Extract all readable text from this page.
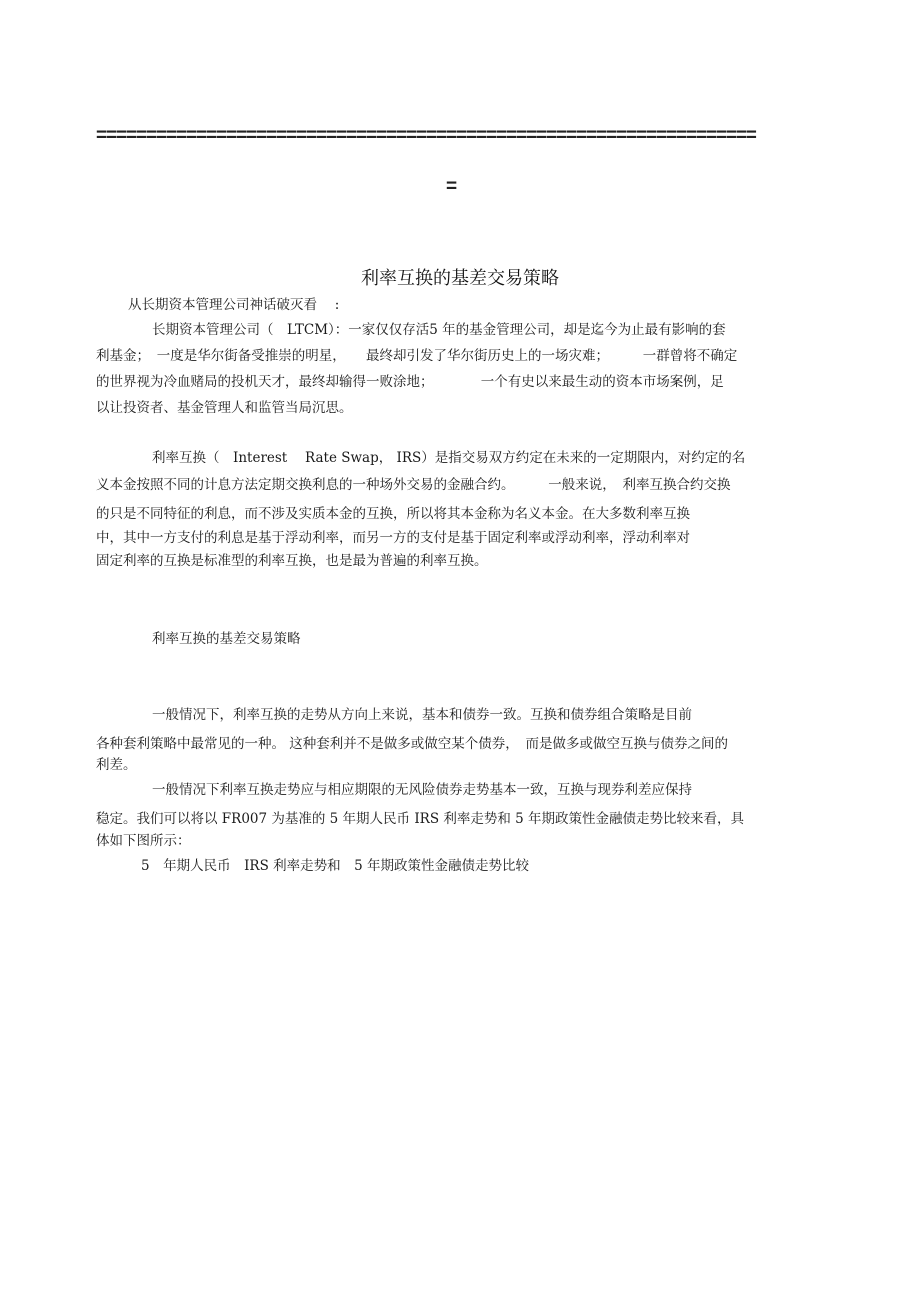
==================================================================
=
利率互换的基差交易策略
从长期资本管理公司神话破灭看　 :
长期资本管理公司（　LTCM）：一家仅仅存活5 年的基金管理公司，却是迄今为止最有影响的套
利基金；　一度是华尔街备受推崇的明星，　　最终却引发了华尔街历史上的一场灾难；　　　一群曾将不确定
的世界视为冷血赌局的投机天才，最终却输得一败涂地；　　　　一个有史以来最生动的资本市场案例，足
以让投资者、基金管理人和监管当局沉思。
利率互换（　Interest　 Rate Swap， IRS）是指交易双方约定在未来的一定期限内，对约定的名
义本金按照不同的计息方法定期交换利息的一种场外交易的金融合约。　　　一般来说，　利率互换合约交换
的只是不同特征的利息，而不涉及实质本金的互换，所以将其本金称为名义本金。在大多数利率互换
中，其中一方支付的利息是基于浮动利率，而另一方的支付是基于固定利率或浮动利率，浮动利率对
固定利率的互换是标准型的利率互换，也是最为普遍的利率互换。
利率互换的基差交易策略
一般情况下，利率互换的走势从方向上来说，基本和债券一致。互换和债券组合策略是目前
各种套利策略中最常见的一种。 这种套利并不是做多或做空某个债券，　而是做多或做空互换与债券之间的
利差。
一般情况下利率互换走势应与相应期限的无风险债券走势基本一致，互换与现券利差应保持
稳定。我们可以将以 FR007 为基准的 5 年期人民币 IRS 利率走势和 5 年期政策性金融债走势比较来看，具
体如下图所示：
5　年期人民币　IRS 利率走势和　5 年期政策性金融债走势比较
